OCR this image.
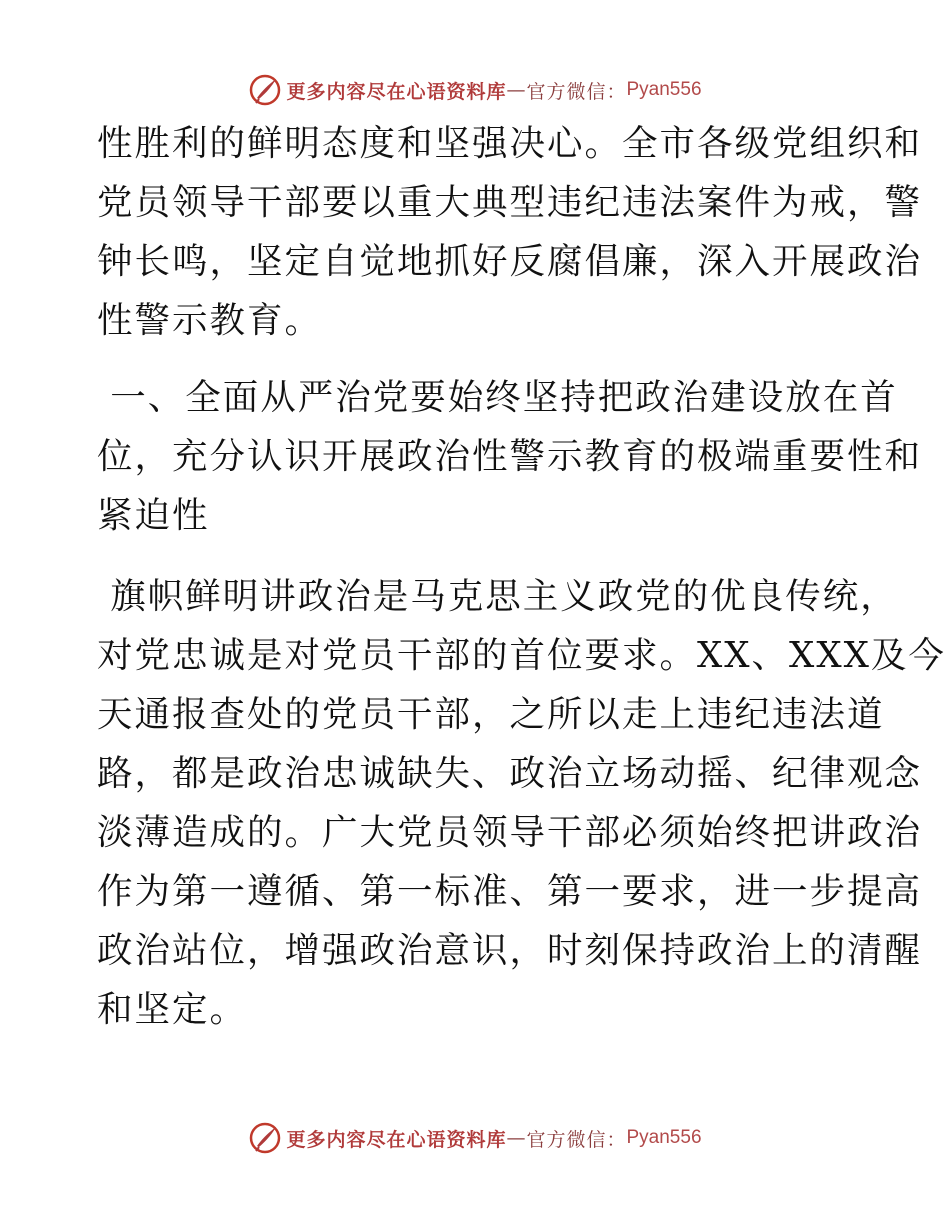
更多内容尽在心语资料库 — 官方微信： Pyan556
性胜利的鲜明态度和坚强决心。全市各级党组织和
党员领导干部要以重大典型违纪违法案件为戒，警
钟长鸣，坚定自觉地抓好反腐倡廉，深入开展政治
性警示教育。
一、全面从严治党要始终坚持把政治建设放在首
位，充分认识开展政治性警示教育的极端重要性和
紧迫性
旗帜鲜明讲政治是马克思主义政党的优良传统，
对党忠诚是对党员干部的首位要求。XX、XXX及今
天通报查处的党员干部，之所以走上违纪违法道
路，都是政治忠诚缺失、政治立场动摇、纪律观念
淡薄造成的。广大党员领导干部必须始终把讲政治
作为第一遵循、第一标准、第一要求，进一步提高
政治站位，增强政治意识，时刻保持政治上的清醒
和坚定。
更多内容尽在心语资料库 — 官方微信： Pyan556
